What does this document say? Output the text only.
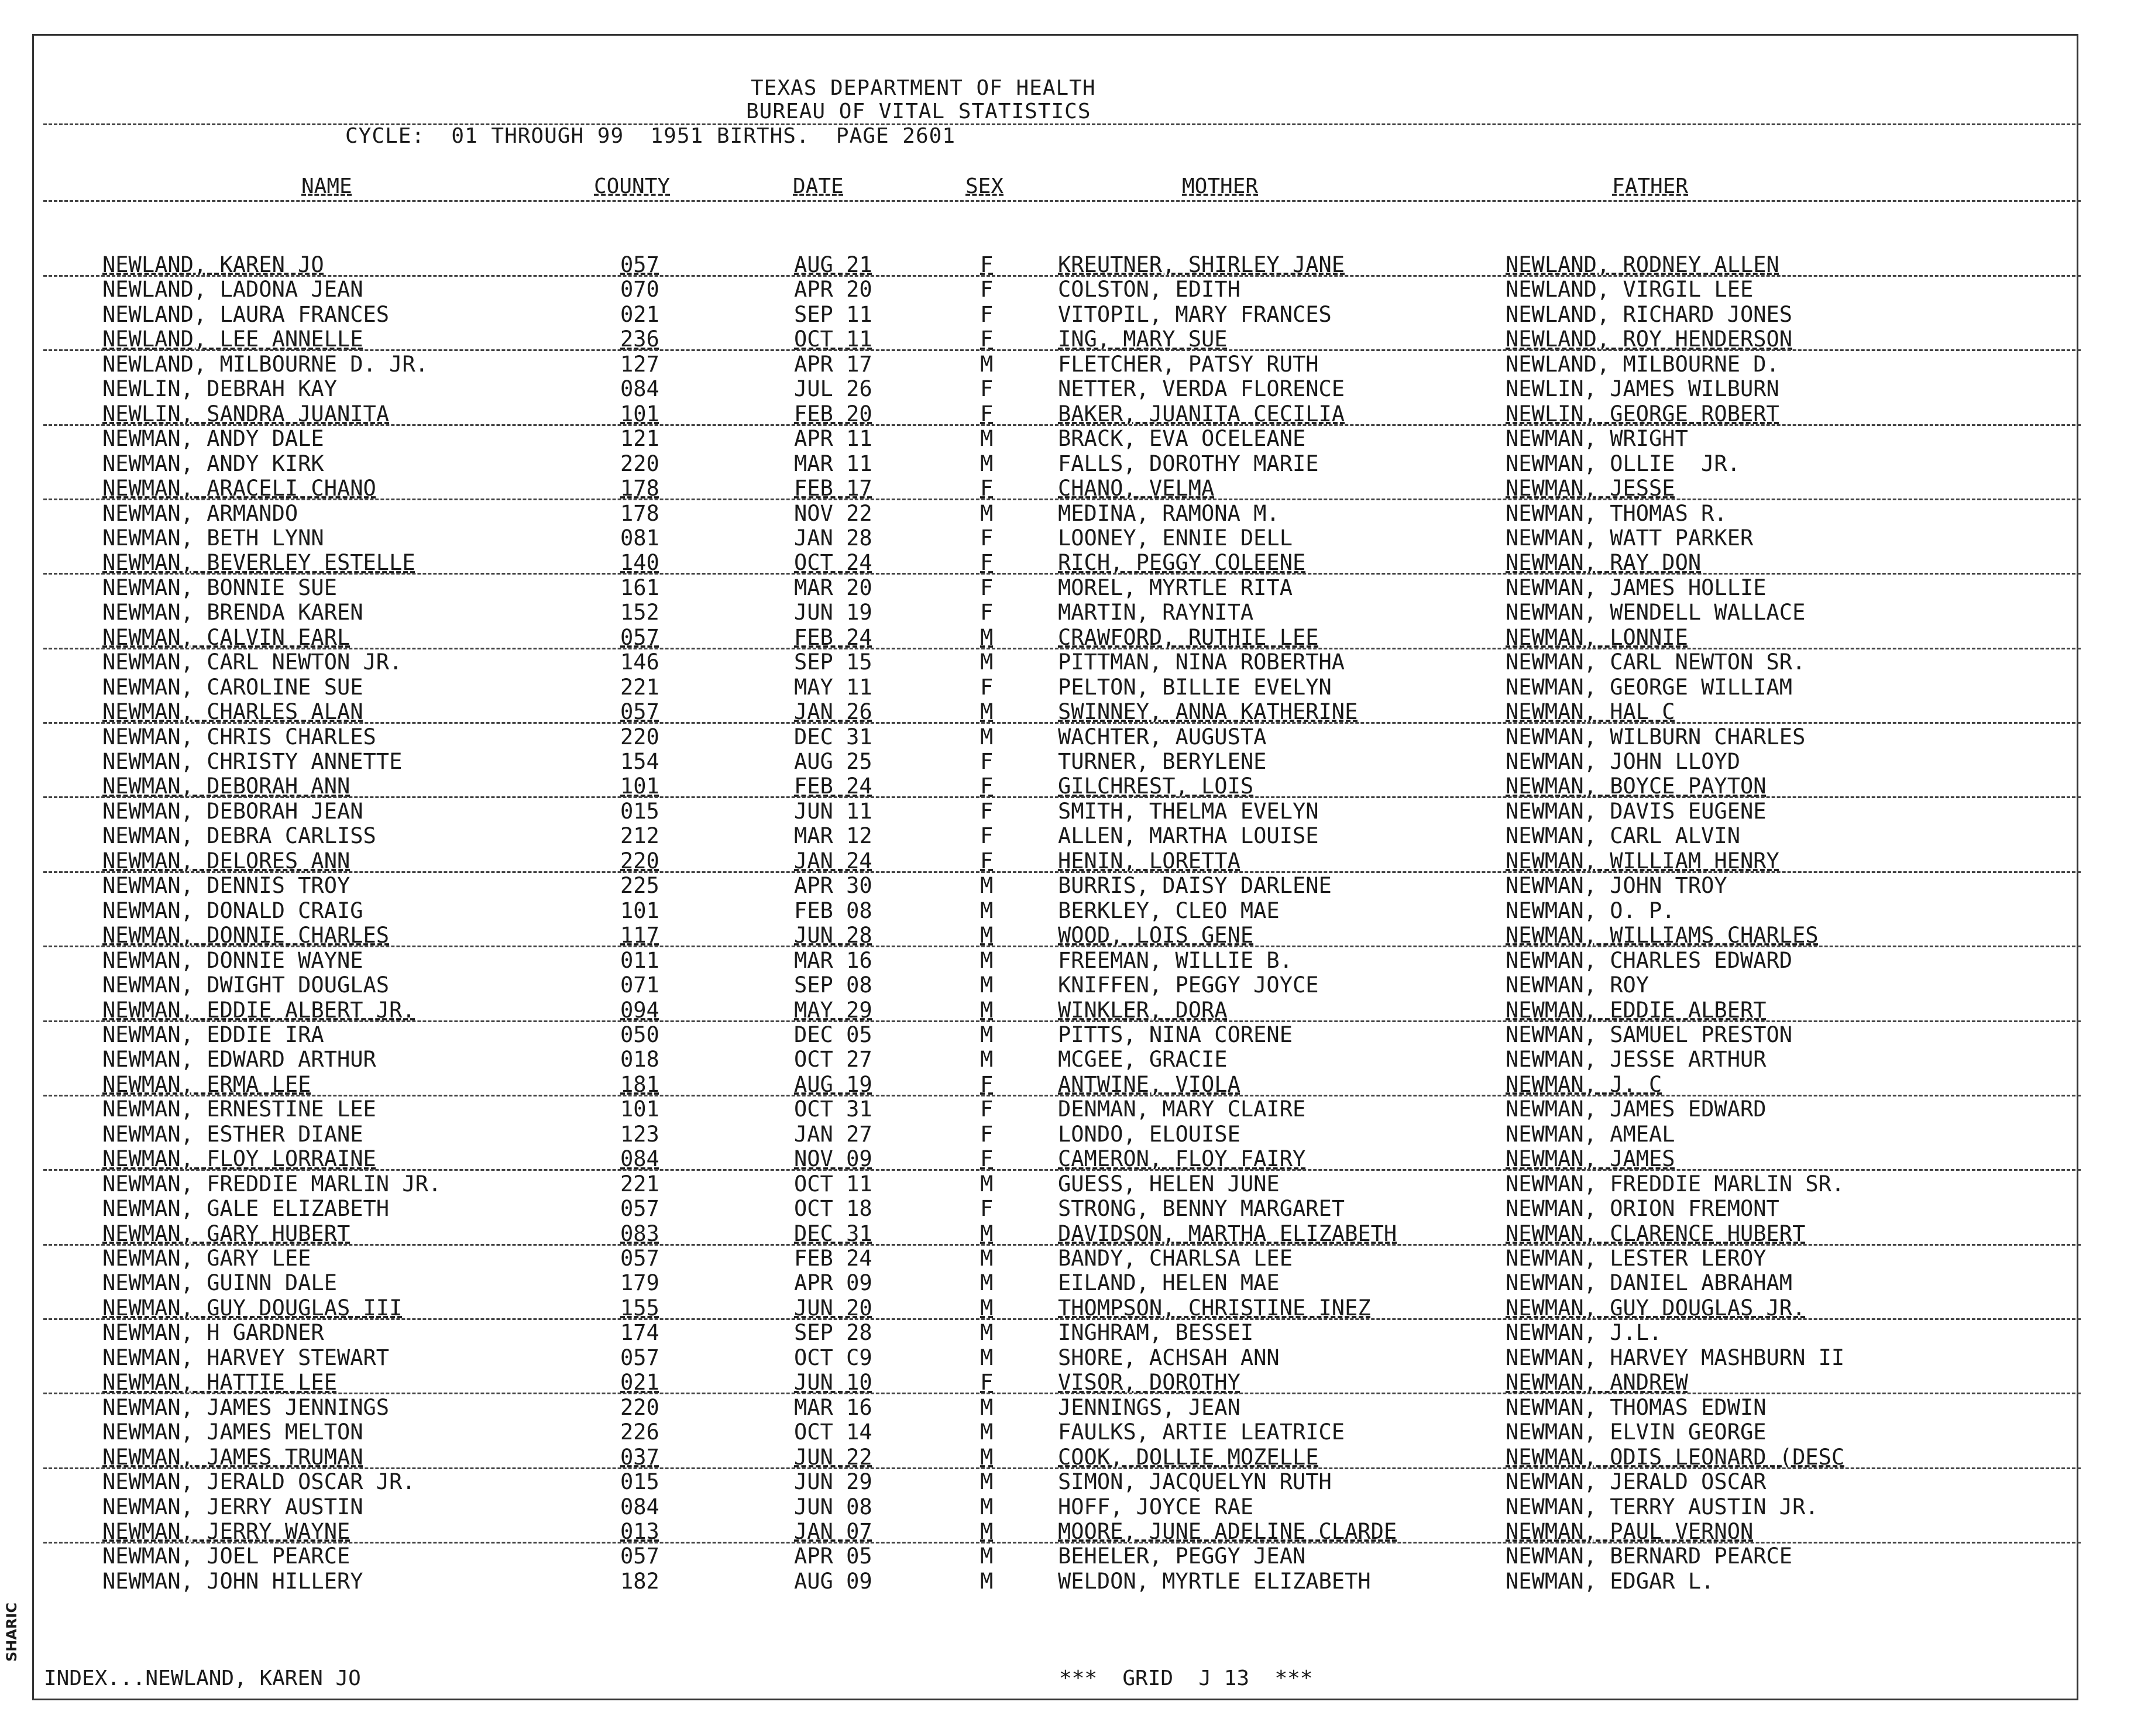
SHARIC
TEXAS DEPARTMENT OF HEALTH
BUREAU OF VITAL STATISTICS
CYCLE:  01 THROUGH 99  1951 BIRTHS.  PAGE 2601
NAME	COUNTY	DATE	SEX	MOTHER	FATHER
NEWLAND, KAREN JO	057	AUG 21	F	KREUTNER, SHIRLEY JANE	NEWLAND, RODNEY ALLEN
NEWLAND, LADONA JEAN	070	APR 20	F	COLSTON, EDITH	NEWLAND, VIRGIL LEE
NEWLAND, LAURA FRANCES	021	SEP 11	F	VITOPIL, MARY FRANCES	NEWLAND, RICHARD JONES
NEWLAND, LEE ANNELLE	236	OCT 11	F	ING, MARY SUE	NEWLAND, ROY HENDERSON
NEWLAND, MILBOURNE D. JR.	127	APR 17	M	FLETCHER, PATSY RUTH	NEWLAND, MILBOURNE D.
NEWLIN, DEBRAH KAY	084	JUL 26	F	NETTER, VERDA FLORENCE	NEWLIN, JAMES WILBURN
NEWLIN, SANDRA JUANITA	101	FEB 20	F	BAKER, JUANITA CECILIA	NEWLIN, GEORGE ROBERT
NEWMAN, ANDY DALE	121	APR 11	M	BRACK, EVA OCELEANE	NEWMAN, WRIGHT
NEWMAN, ANDY KIRK	220	MAR 11	M	FALLS, DOROTHY MARIE	NEWMAN, OLLIE  JR.
NEWMAN, ARACELI CHANO	178	FEB 17	F	CHANO, VELMA	NEWMAN, JESSE
NEWMAN, ARMANDO	178	NOV 22	M	MEDINA, RAMONA M.	NEWMAN, THOMAS R.
NEWMAN, BETH LYNN	081	JAN 28	F	LOONEY, ENNIE DELL	NEWMAN, WATT PARKER
NEWMAN, BEVERLEY ESTELLE	140	OCT 24	F	RICH, PEGGY COLEENE	NEWMAN, RAY DON
NEWMAN, BONNIE SUE	161	MAR 20	F	MOREL, MYRTLE RITA	NEWMAN, JAMES HOLLIE
NEWMAN, BRENDA KAREN	152	JUN 19	F	MARTIN, RAYNITA	NEWMAN, WENDELL WALLACE
NEWMAN, CALVIN EARL	057	FEB 24	M	CRAWFORD, RUTHIE LEE	NEWMAN, LONNIE
NEWMAN, CARL NEWTON JR.	146	SEP 15	M	PITTMAN, NINA ROBERTHA	NEWMAN, CARL NEWTON SR.
NEWMAN, CAROLINE SUE	221	MAY 11	F	PELTON, BILLIE EVELYN	NEWMAN, GEORGE WILLIAM
NEWMAN, CHARLES ALAN	057	JAN 26	M	SWINNEY, ANNA KATHERINE	NEWMAN, HAL C
NEWMAN, CHRIS CHARLES	220	DEC 31	M	WACHTER, AUGUSTA	NEWMAN, WILBURN CHARLES
NEWMAN, CHRISTY ANNETTE	154	AUG 25	F	TURNER, BERYLENE	NEWMAN, JOHN LLOYD
NEWMAN, DEBORAH ANN	101	FEB 24	F	GILCHREST, LOIS	NEWMAN, BOYCE PAYTON
NEWMAN, DEBORAH JEAN	015	JUN 11	F	SMITH, THELMA EVELYN	NEWMAN, DAVIS EUGENE
NEWMAN, DEBRA CARLISS	212	MAR 12	F	ALLEN, MARTHA LOUISE	NEWMAN, CARL ALVIN
NEWMAN, DELORES ANN	220	JAN 24	F	HENIN, LORETTA	NEWMAN, WILLIAM HENRY
NEWMAN, DENNIS TROY	225	APR 30	M	BURRIS, DAISY DARLENE	NEWMAN, JOHN TROY
NEWMAN, DONALD CRAIG	101	FEB 08	M	BERKLEY, CLEO MAE	NEWMAN, O. P.
NEWMAN, DONNIE CHARLES	117	JUN 28	M	WOOD, LOIS GENE	NEWMAN, WILLIAMS CHARLES
NEWMAN, DONNIE WAYNE	011	MAR 16	M	FREEMAN, WILLIE B.	NEWMAN, CHARLES EDWARD
NEWMAN, DWIGHT DOUGLAS	071	SEP 08	M	KNIFFEN, PEGGY JOYCE	NEWMAN, ROY
NEWMAN, EDDIE ALBERT JR.	094	MAY 29	M	WINKLER, DORA	NEWMAN, EDDIE ALBERT
NEWMAN, EDDIE IRA	050	DEC 05	M	PITTS, NINA CORENE	NEWMAN, SAMUEL PRESTON
NEWMAN, EDWARD ARTHUR	018	OCT 27	M	MCGEE, GRACIE	NEWMAN, JESSE ARTHUR
NEWMAN, ERMA LEE	181	AUG 19	F	ANTWINE, VIOLA	NEWMAN, J. C
NEWMAN, ERNESTINE LEE	101	OCT 31	F	DENMAN, MARY CLAIRE	NEWMAN, JAMES EDWARD
NEWMAN, ESTHER DIANE	123	JAN 27	F	LONDO, ELOUISE	NEWMAN, AMEAL
NEWMAN, FLOY LORRAINE	084	NOV 09	F	CAMERON, FLOY FAIRY	NEWMAN, JAMES
NEWMAN, FREDDIE MARLIN JR.	221	OCT 11	M	GUESS, HELEN JUNE	NEWMAN, FREDDIE MARLIN SR.
NEWMAN, GALE ELIZABETH	057	OCT 18	F	STRONG, BENNY MARGARET	NEWMAN, ORION FREMONT
NEWMAN, GARY HUBERT	083	DEC 31	M	DAVIDSON, MARTHA ELIZABETH	NEWMAN, CLARENCE HUBERT
NEWMAN, GARY LEE	057	FEB 24	M	BANDY, CHARLSA LEE	NEWMAN, LESTER LEROY
NEWMAN, GUINN DALE	179	APR 09	M	EILAND, HELEN MAE	NEWMAN, DANIEL ABRAHAM
NEWMAN, GUY DOUGLAS III	155	JUN 20	M	THOMPSON, CHRISTINE INEZ	NEWMAN, GUY DOUGLAS JR.
NEWMAN, H GARDNER	174	SEP 28	M	INGHRAM, BESSEI	NEWMAN, J.L.
NEWMAN, HARVEY STEWART	057	OCT C9	M	SHORE, ACHSAH ANN	NEWMAN, HARVEY MASHBURN II
NEWMAN, HATTIE LEE	021	JUN 10	F	VISOR, DOROTHY	NEWMAN, ANDREW
NEWMAN, JAMES JENNINGS	220	MAR 16	M	JENNINGS, JEAN	NEWMAN, THOMAS EDWIN
NEWMAN, JAMES MELTON	226	OCT 14	M	FAULKS, ARTIE LEATRICE	NEWMAN, ELVIN GEORGE
NEWMAN, JAMES TRUMAN	037	JUN 22	M	COOK, DOLLIE MOZELLE	NEWMAN, ODIS LEONARD (DESC
NEWMAN, JERALD OSCAR JR.	015	JUN 29	M	SIMON, JACQUELYN RUTH	NEWMAN, JERALD OSCAR
NEWMAN, JERRY AUSTIN	084	JUN 08	M	HOFF, JOYCE RAE	NEWMAN, TERRY AUSTIN JR.
NEWMAN, JERRY WAYNE	013	JAN 07	M	MOORE, JUNE ADELINE CLARDE	NEWMAN, PAUL VERNON
NEWMAN, JOEL PEARCE	057	APR 05	M	BEHELER, PEGGY JEAN	NEWMAN, BERNARD PEARCE
NEWMAN, JOHN HILLERY	182	AUG 09	M	WELDON, MYRTLE ELIZABETH	NEWMAN, EDGAR L.
INDEX...NEWLAND, KAREN JO	***  GRID  J 13  ***
